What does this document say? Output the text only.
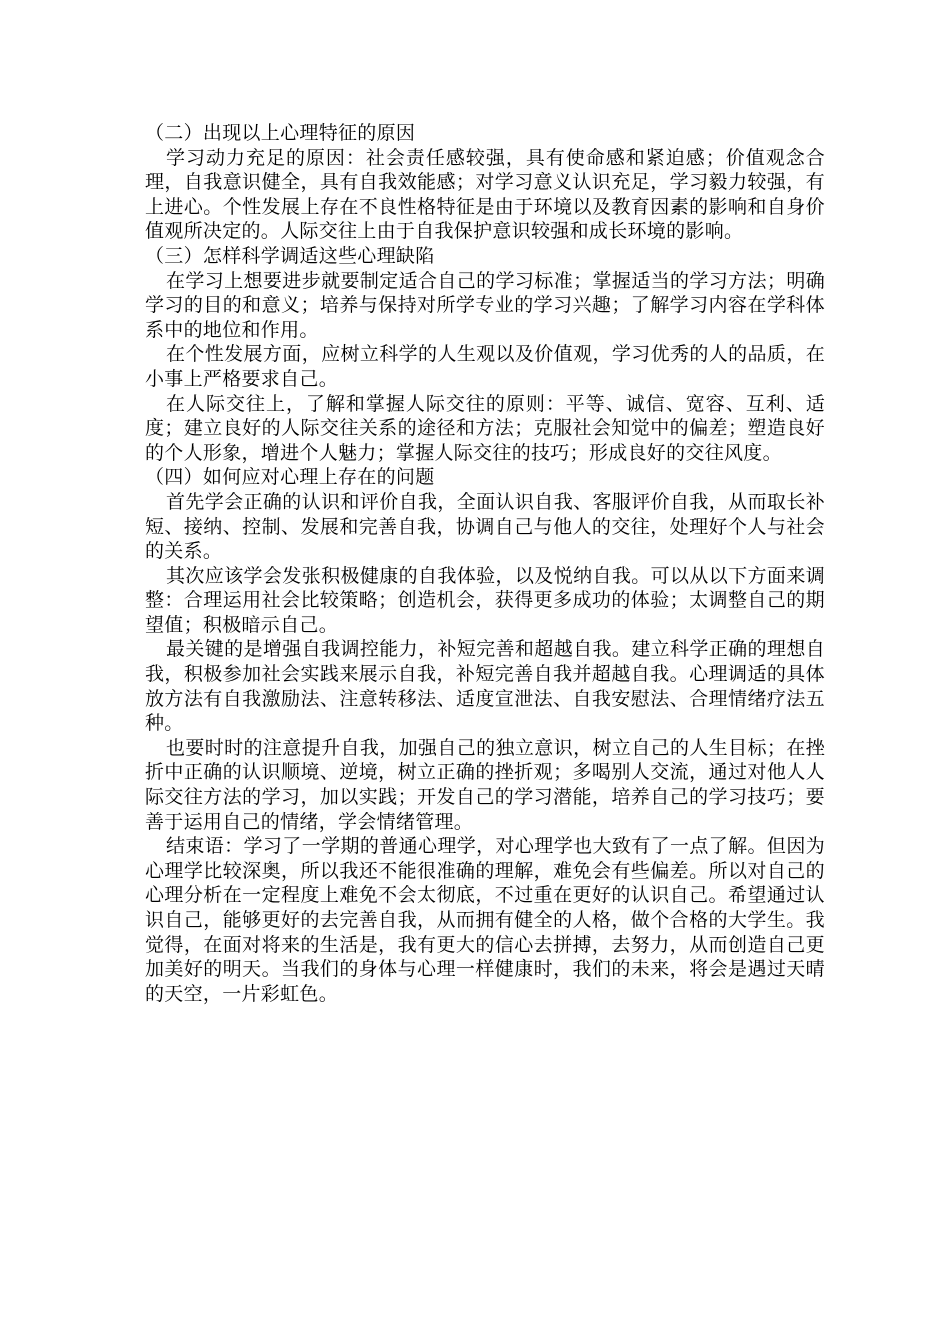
（二）出现以上心理特征的原因

学习动力充足的原因：社会责任感较强，具有使命感和紧迫感；价值观念合理，自我意识健全，具有自我效能感；对学习意义认识充足，学习毅力较强，有上进心。个性发展上存在不良性格特征是由于环境以及教育因素的影响和自身价值观所决定的。人际交往上由于自我保护意识较强和成长环境的影响。

（三）怎样科学调适这些心理缺陷

在学习上想要进步就要制定适合自己的学习标准；掌握适当的学习方法；明确学习的目的和意义；培养与保持对所学专业的学习兴趣；了解学习内容在学科体系中的地位和作用。

在个性发展方面，应树立科学的人生观以及价值观，学习优秀的人的品质，在小事上严格要求自己。

在人际交往上，了解和掌握人际交往的原则：平等、诚信、宽容、互利、适度；建立良好的人际交往关系的途径和方法；克服社会知觉中的偏差；塑造良好的个人形象，增进个人魅力；掌握人际交往的技巧；形成良好的交往风度。

（四）如何应对心理上存在的问题

首先学会正确的认识和评价自我，全面认识自我、客服评价自我，从而取长补短、接纳、控制、发展和完善自我，协调自己与他人的交往，处理好个人与社会的关系。

其次应该学会发张积极健康的自我体验，以及悦纳自我。可以从以下方面来调整：合理运用社会比较策略；创造机会，获得更多成功的体验；太调整自己的期望值；积极暗示自己。

最关键的是增强自我调控能力，补短完善和超越自我。建立科学正确的理想自我，积极参加社会实践来展示自我，补短完善自我并超越自我。心理调适的具体放方法有自我激励法、注意转移法、适度宣泄法、自我安慰法、合理情绪疗法五种。

也要时时的注意提升自我，加强自己的独立意识，树立自己的人生目标；在挫折中正确的认识顺境、逆境，树立正确的挫折观；多喝别人交流，通过对他人人际交往方法的学习，加以实践；开发自己的学习潜能，培养自己的学习技巧；要善于运用自己的情绪，学会情绪管理。

结束语：学习了一学期的普通心理学，对心理学也大致有了一点了解。但因为心理学比较深奥，所以我还不能很准确的理解，难免会有些偏差。所以对自己的心理分析在一定程度上难免不会太彻底，不过重在更好的认识自己。希望通过认识自己，能够更好的去完善自我，从而拥有健全的人格，做个合格的大学生。我觉得，在面对将来的生活是，我有更大的信心去拼搏，去努力，从而创造自己更加美好的明天。当我们的身体与心理一样健康时，我们的未来，将会是遇过天晴的天空，一片彩虹色。
